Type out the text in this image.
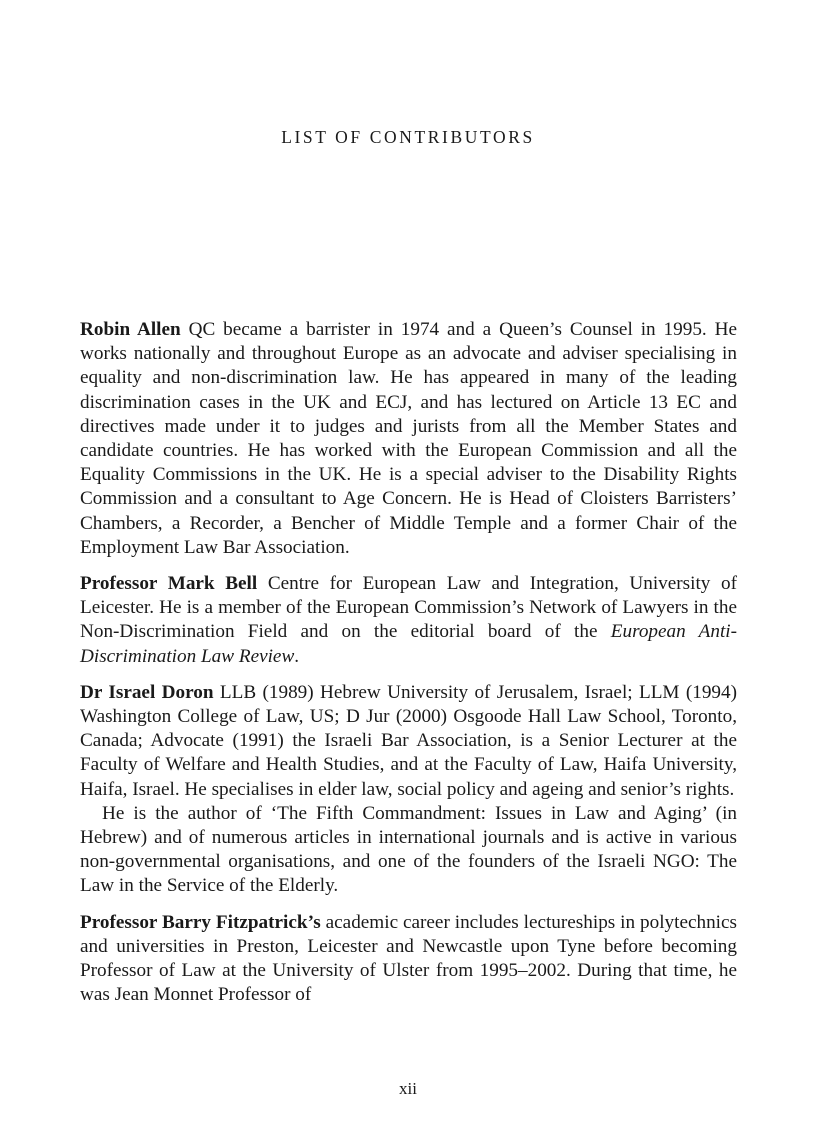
LIST OF CONTRIBUTORS

Robin Allen QC became a barrister in 1974 and a Queen’s Counsel in 1995. He works nationally and throughout Europe as an advocate and adviser specialising in equality and non-discrimination law. He has appeared in many of the leading discrimination cases in the UK and ECJ, and has lectured on Article 13 EC and directives made under it to judges and jurists from all the Member States and candidate countries. He has worked with the European Commission and all the Equality Commissions in the UK. He is a special adviser to the Disability Rights Commission and a consultant to Age Concern. He is Head of Cloisters Barristers’ Chambers, a Recorder, a Bencher of Middle Temple and a former Chair of the Employment Law Bar Association.

Professor Mark Bell Centre for European Law and Integration, University of Leicester. He is a member of the European Commission’s Network of Lawyers in the Non-Discrimination Field and on the editorial board of the European Anti-Discrimination Law Review.

Dr Israel Doron LLB (1989) Hebrew University of Jerusalem, Israel; LLM (1994) Washington College of Law, US; D Jur (2000) Osgoode Hall Law School, Toronto, Canada; Advocate (1991) the Israeli Bar Association, is a Senior Lecturer at the Faculty of Welfare and Health Studies, and at the Faculty of Law, Haifa University, Haifa, Israel. He specialises in elder law, social policy and ageing and senior’s rights.

He is the author of ‘The Fifth Commandment: Issues in Law and Aging’ (in Hebrew) and of numerous articles in international journals and is active in various non-governmental organisations, and one of the founders of the Israeli NGO: The Law in the Service of the Elderly.

Professor Barry Fitzpatrick’s academic career includes lectureships in polytechnics and universities in Preston, Leicester and Newcastle upon Tyne before becoming Professor of Law at the University of Ulster from 1995–2002. During that time, he was Jean Monnet Professor of

xii
